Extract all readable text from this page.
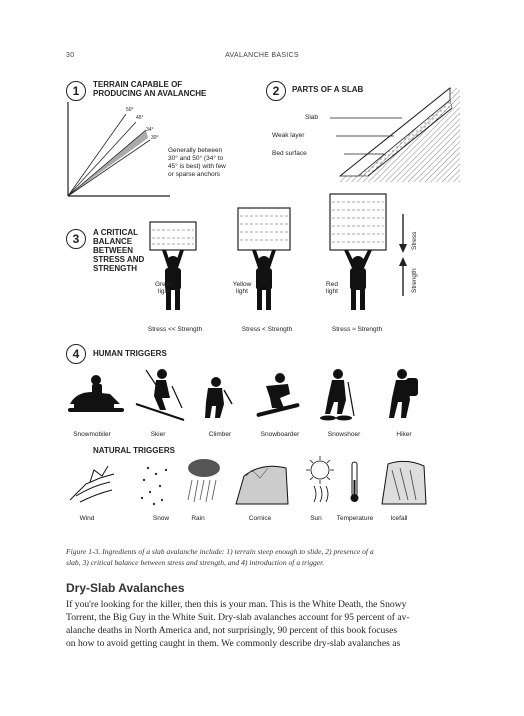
30	AVALANCHE BASICS
1	TERRAIN CAPABLE OF
PRODUCING AN AVALANCHE
50°
45°
34°
30°
Generally between
30° and 50° (34° to
45° is best) with few
or sparse anchors
2	PARTS OF A SLAB
Slab
Weak layer
Bed surface
3	A CRITICAL
BALANCE
BETWEEN
STRESS AND
STRENGTH
Green
light
Yellow
light
Red
light
Stress << Strength	Stress < Strength	Stress ≈ Strength
Stress
Strength
4	HUMAN TRIGGERS
Snowmobiler	Skier	Climber	Snowboarder	Snowshoer	Hiker
NATURAL TRIGGERS
Wind	Snow	Rain	Cornice	Sun	Temperature	Icefall
Figure 1-3. Ingredients of a slab avalanche include: 1) terrain steep enough to slide, 2) presence of a
slab, 3) critical balance between stress and strength, and 4) introduction of a trigger.
Dry-Slab Avalanches
If you're looking for the killer, then this is your man. This is the White Death, the Snowy
Torrent, the Big Guy in the White Suit. Dry-slab avalanches account for 95 percent of av-
alanche deaths in North America and, not surprisingly, 90 percent of this book focuses
on how to avoid getting caught in them. We commonly describe dry-slab avalanches as
